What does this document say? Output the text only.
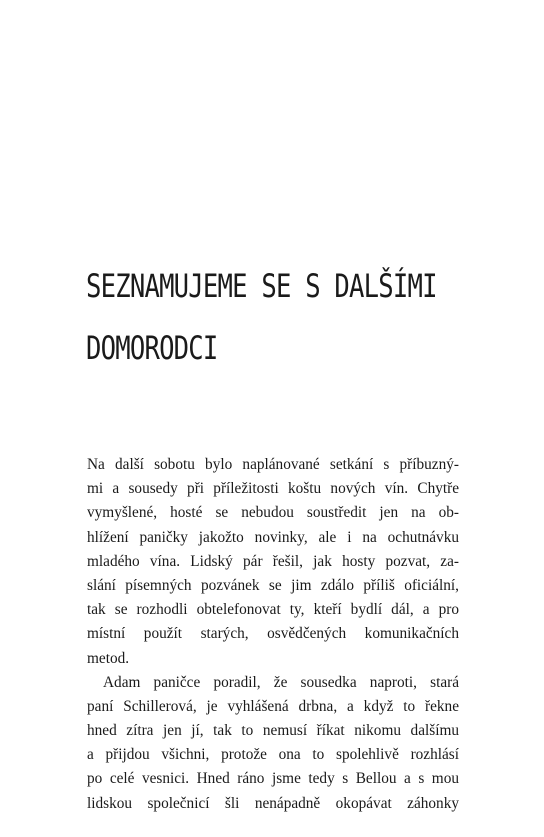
SEZNAMUJEME SE S DALŠÍMI
DOMORODCI
Na další sobotu bylo naplánované setkání s příbuzný-
mi a sousedy při příležitosti koštu nových vín. Chytře
vymyšlené, hosté se nebudou soustředit jen na ob-
hlížení paničky jakožto novinky, ale i na ochutnávku
mladého vína. Lidský pár řešil, jak hosty pozvat, za-
slání písemných pozvánek se jim zdálo příliš oficiální,
tak se rozhodli obtelefonovat ty, kteří bydlí dál, a pro
místní použít starých, osvědčených komunikačních
metod.
Adam paničce poradil, že sousedka naproti, stará
paní Schillerová, je vyhlášená drbna, a když to řekne
hned zítra jen jí, tak to nemusí říkat nikomu dalšímu
a přijdou všichni, protože ona to spolehlivě rozhlásí
po celé vesnici. Hned ráno jsme tedy s Bellou a s mou
lidskou společnicí šli nenápadně okopávat záhonky
